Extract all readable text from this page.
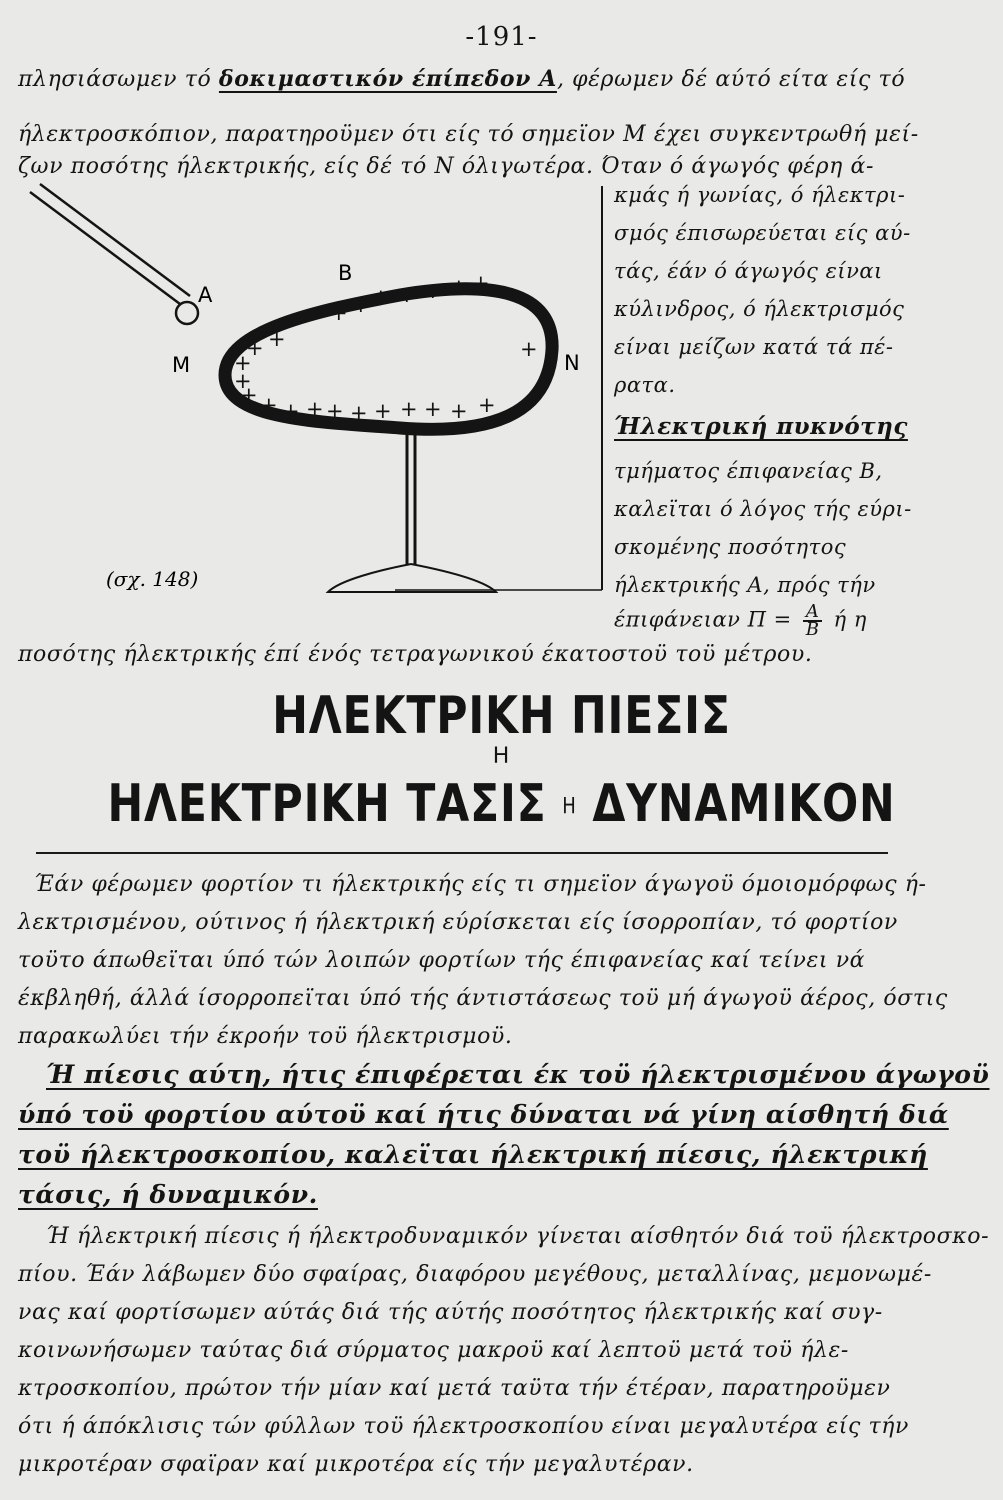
-191-
πλησιάσωμεν τό δοκιμαστικόν έπίπεδον Α, φέρωμεν δέ αύτό είτα είς τό
ήλεκτροσκόπιον, παρατηροϋμεν ότι είς τό σημεϊον Μ έχει συγκεντρωθή μεί-
ζων ποσότης ήλεκτρικής, είς δέ τό Ν όλιγωτέρα. Όταν ό άγωγός φέρη ά-
+ + + + + + +
+
+
+
+
+ + + + + + + + + + +
+
A
B
M	N
(σχ. 148)
κμάς ή γωνίας, ό ήλεκτρι-
σμός έπισωρεύεται είς αύ-
τάς, έάν ό άγωγός είναι
κύλινδρος, ό ήλεκτρισμός
είναι μείζων κατά τά πέ-
ρατα.
Ήλεκτρική πυκνότης
τμήματος έπιφανείας Β,
καλεϊται ό λόγος τής εύρι-
σκομένης ποσότητος
ήλεκτρικής Α, πρός τήν
έπιφάνειαν $\Pi = \frac{A}{B}$ ή η
ποσότης ήλεκτρικής έπί ένός τετραγωνικού έκατοστοϋ τοϋ μέτρου.
ΗΛΕΚΤΡΙΚΗ ΠΙΕΣΙΣ
Η
ΗΛΕΚΤΡΙΚΗ ΤΑΣΙΣ Η ΔΥΝΑΜΙΚΟΝ
Έάν φέρωμεν φορτίον τι ήλεκτρικής είς τι σημεϊον άγωγοϋ όμοιομόρφως ή-
λεκτρισμένου, ούτινος ή ήλεκτρική εύρίσκεται είς ίσορροπίαν, τό φορτίον
τοϋτο άπωθεϊται ύπό τών λοιπών φορτίων τής έπιφανείας καί τείνει νά
έκβληθή, άλλά ίσορροπεϊται ύπό τής άντιστάσεως τοϋ μή άγωγοϋ άέρος, όστις
παρακωλύει τήν έκροήν τοϋ ήλεκτρισμοϋ.
Ή πίεσις αύτη, ήτις έπιφέρεται έκ τοϋ ήλεκτρισμένου άγωγοϋ
ύπό τοϋ φορτίου αύτοϋ καί ήτις δύναται νά γίνη αίσθητή διά
τοϋ ήλεκτροσκοπίου, καλεϊται ήλεκτρική πίεσις, ήλεκτρική
τάσις, ή δυναμικόν.
Ή ήλεκτρική πίεσις ή ήλεκτροδυναμικόν γίνεται αίσθητόν διά τοϋ ήλεκτροσκο-
πίου. Έάν λάβωμεν δύο σφαίρας, διαφόρου μεγέθους, μεταλλίνας, μεμονωμέ-
νας καί φορτίσωμεν αύτάς διά τής αύτής ποσότητος ήλεκτρικής καί συγ-
κοινωνήσωμεν ταύτας διά σύρματος μακροϋ καί λεπτοϋ μετά τοϋ ήλε-
κτροσκοπίου, πρώτον τήν μίαν καί μετά ταϋτα τήν έτέραν, παρατηροϋμεν
ότι ή άπόκλισις τών φύλλων τοϋ ήλεκτροσκοπίου είναι μεγαλυτέρα είς τήν
μικροτέραν σφαϊραν καί μικροτέρα είς τήν μεγαλυτέραν.
